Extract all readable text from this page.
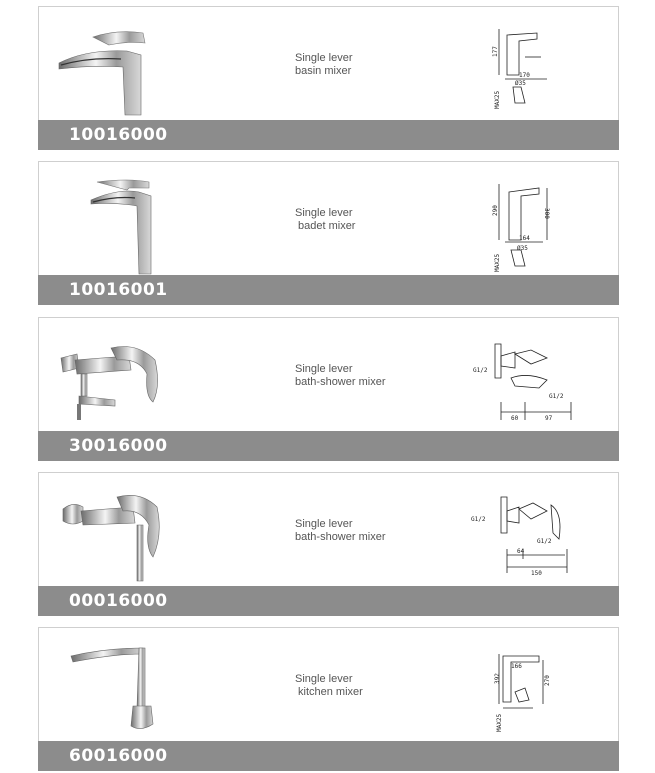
Single lever
basin mixer
177
170
Ø35
MAX25
10016000
Single lever
badet mixer
290	300
164
Ø35
MAX25
10016001
Single lever
bath-shower mixer
G1/2
G1/2
60	97
30016000
Single lever
bath-shower mixer
G1/2
G1/2
64
150
00016000
Single lever
kitchen mixer
392	270
166
MAX25
60016000
